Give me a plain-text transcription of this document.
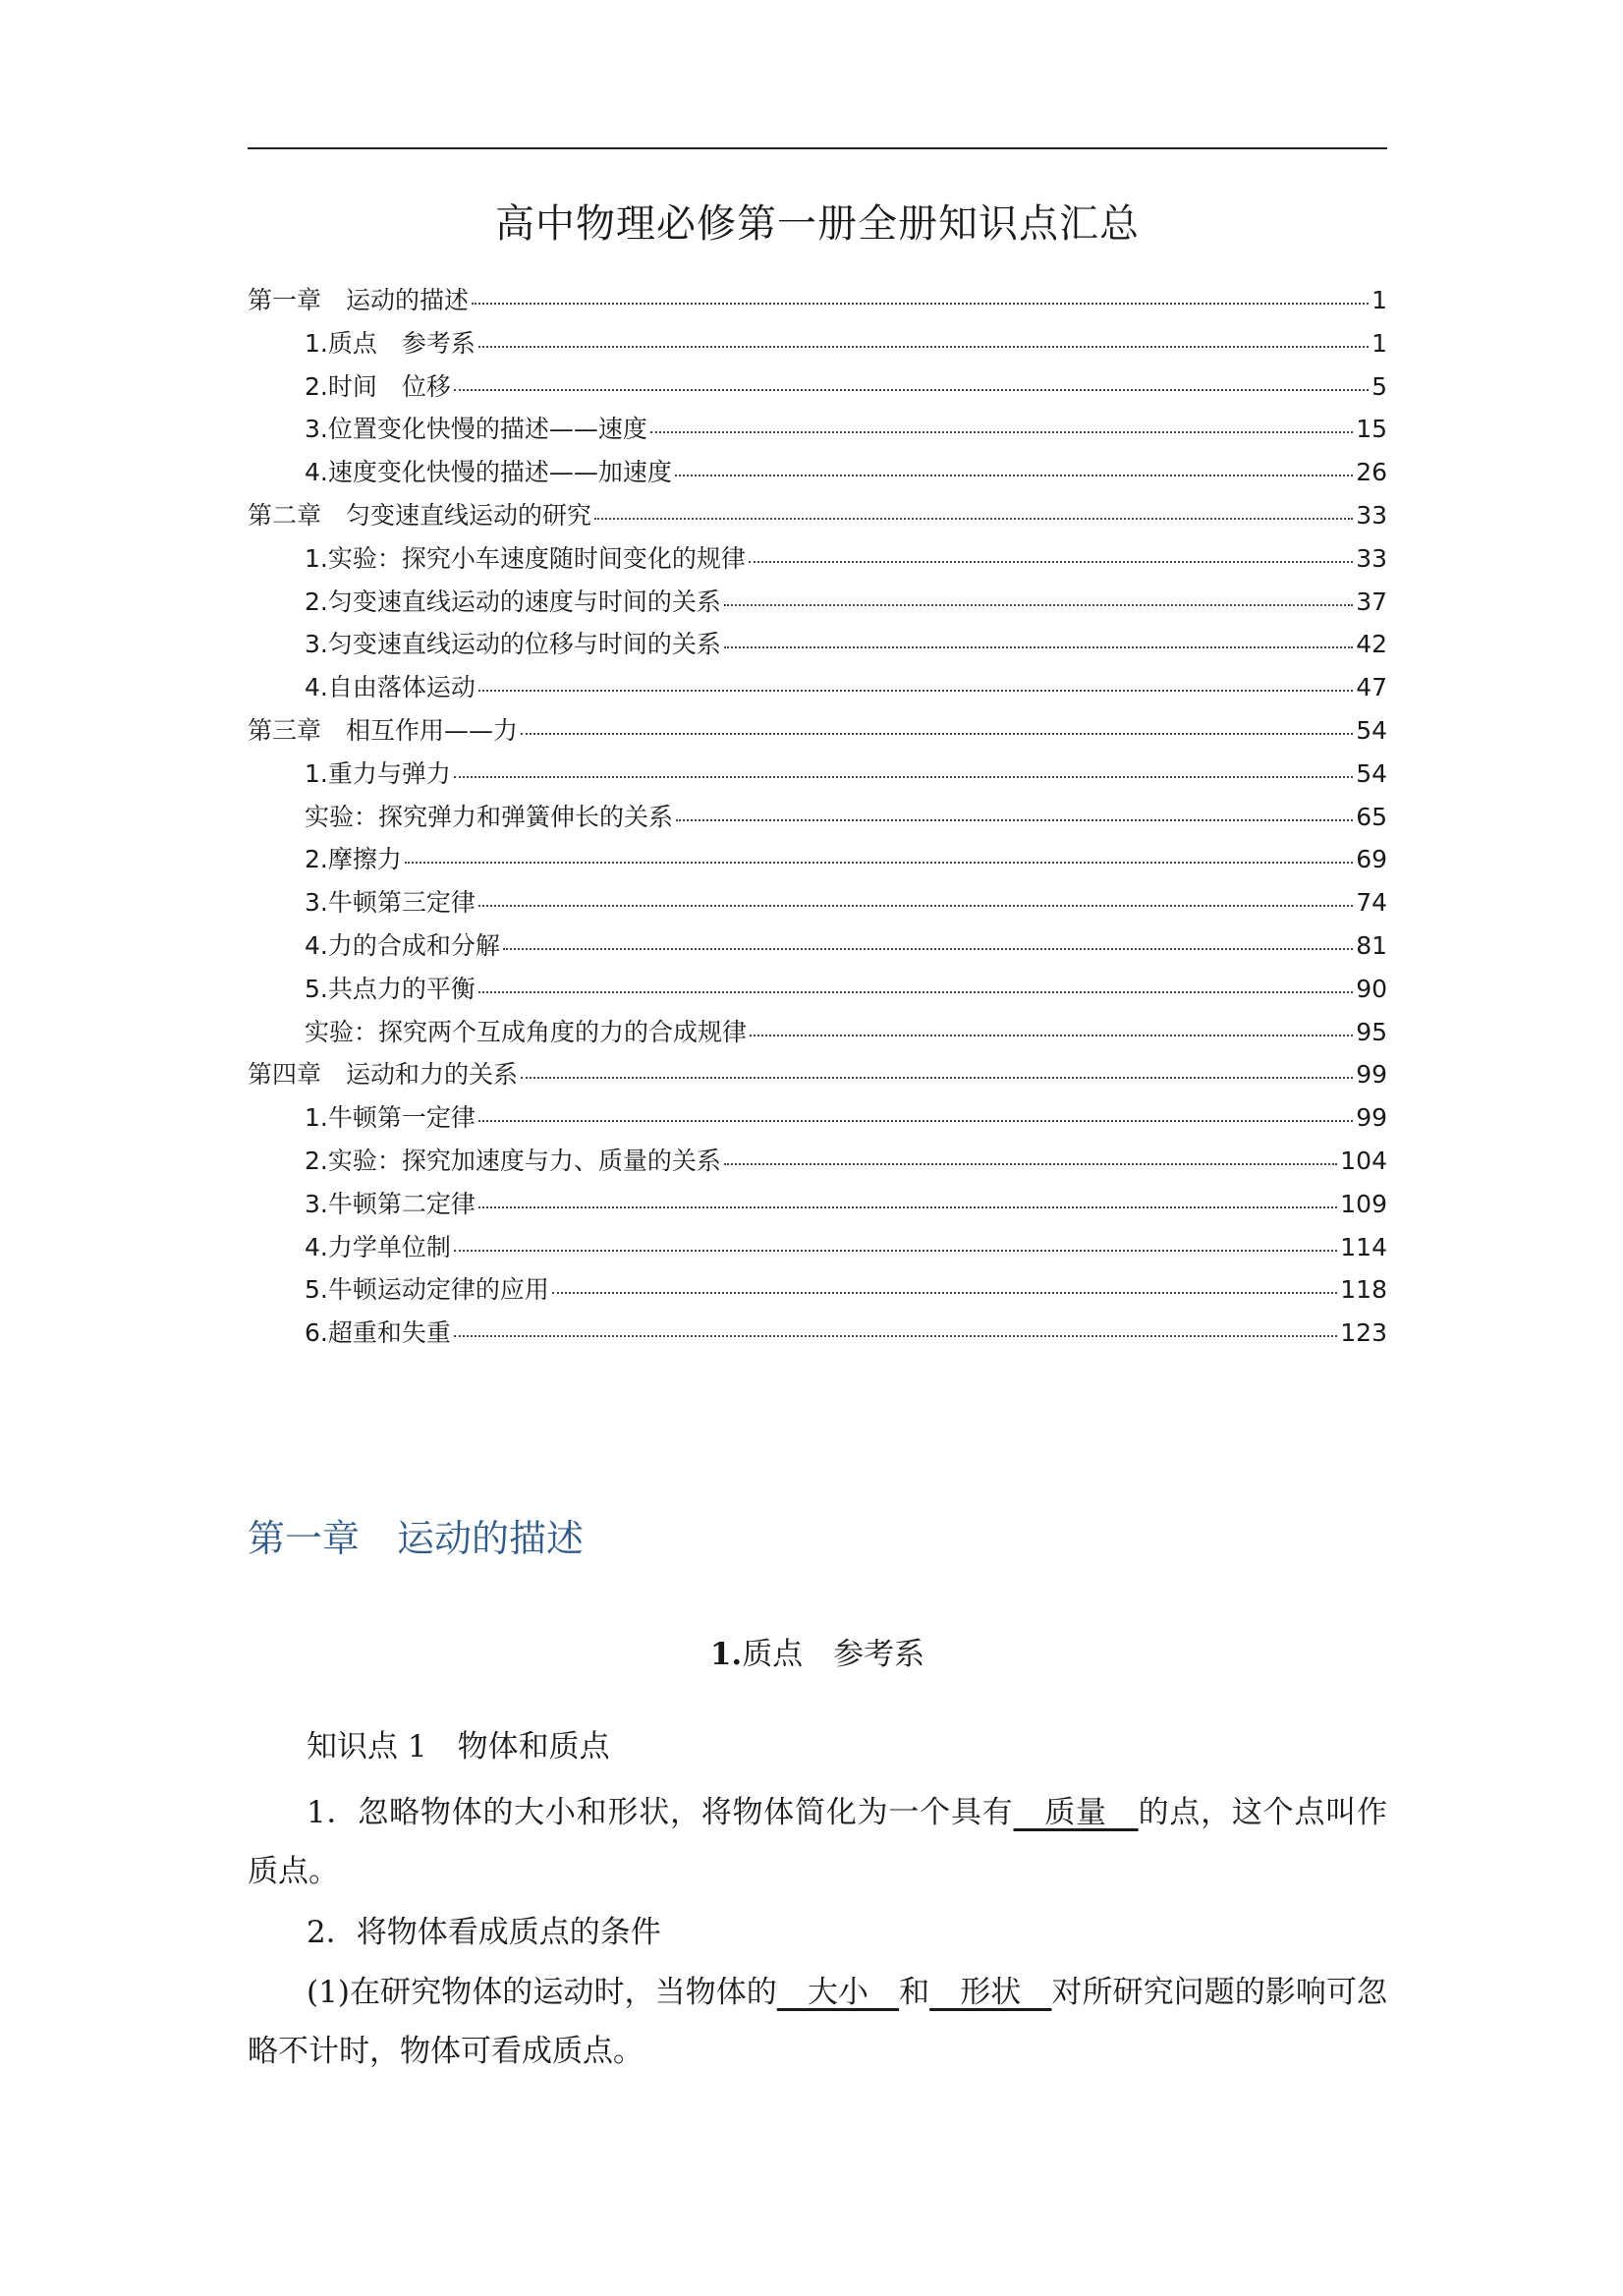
高中物理必修第一册全册知识点汇总
第一章　运动的描述	1
1.质点　参考系	1
2.时间　位移	5
3.位置变化快慢的描述——速度	15
4.速度变化快慢的描述——加速度	26
第二章　匀变速直线运动的研究	33
1.实验：探究小车速度随时间变化的规律	33
2.匀变速直线运动的速度与时间的关系	37
3.匀变速直线运动的位移与时间的关系	42
4.自由落体运动	47
第三章　相互作用——力	54
1.重力与弹力	54
实验：探究弹力和弹簧伸长的关系	65
2.摩擦力	69
3.牛顿第三定律	74
4.力的合成和分解	81
5.共点力的平衡	90
实验：探究两个互成角度的力的合成规律	95
第四章　运动和力的关系	99
1.牛顿第一定律	99
2.实验：探究加速度与力、质量的关系	104
3.牛顿第二定律	109
4.力学单位制	114
5.牛顿运动定律的应用	118
6.超重和失重	123
第一章　运动的描述
1.质点　参考系
知识点 1　物体和质点
1．忽略物体的大小和形状，将物体简化为一个具有　质量　的点，这个点叫作质点。
2．将物体看成质点的条件
(1)在研究物体的运动时，当物体的　大小　和　形状　对所研究问题的影响可忽略不计时，物体可看成质点。
